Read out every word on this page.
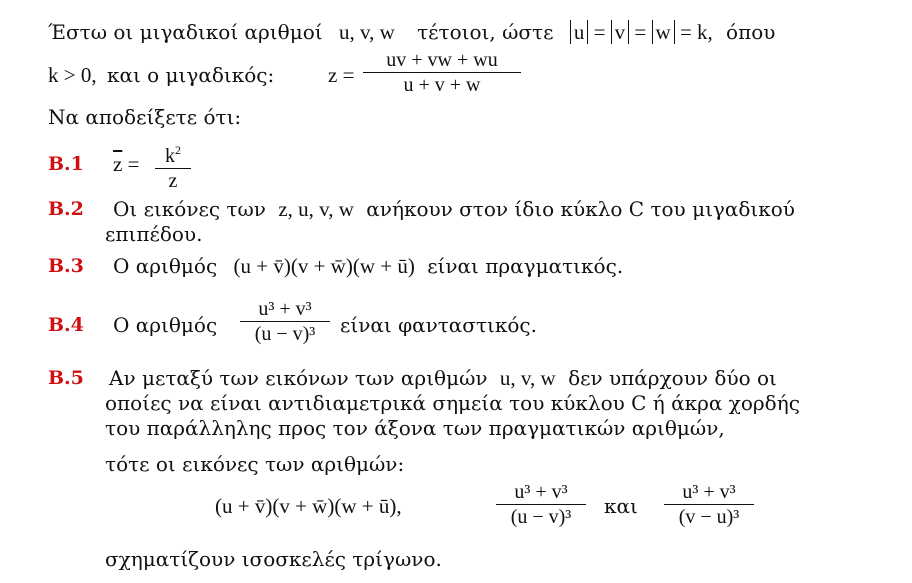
Έστω οι μιγαδικοί αριθμοί u, v, w τέτοιοι, ώστε u = v = w = k, όπου
k > 0, και ο μιγαδικός:	$z = \frac{uv + vw + wu}{u + v + w}$
Να αποδείξετε ότι:
B.1 $\overline{z} = \frac{k^2}{z}$
B.2 Οι εικόνες των z, u, v, w ανήκουν στον ίδιο κύκλο C του μιγαδικού
επιπέδου.
B.3 Ο αριθμός (u + v̄)(v + w̄)(w + ū) είναι πραγματικός.
B.4 Ο αριθμός $\frac{\text{u³ + v³}}{\text{(u − v)³}}$ είναι φανταστικός.
B.5 Αν μεταξύ των εικόνων των αριθμών u, v, w δεν υπάρχουν δύο οι
οποίες να είναι αντιδιαμετρικά σημεία του κύκλου C ή άκρα χορδής
του παράλληλης προς τον άξονα των πραγματικών αριθμών,
τότε οι εικόνες των αριθμών:
(u + v̄)(v + w̄)(w + ū),	$\frac{\text{u³ + v³}}{\text{(u − v)³}}$ και $\frac{\text{u³ + v³}}{\text{(v − u)³}}$
σχηματίζουν ισοσκελές τρίγωνο.
